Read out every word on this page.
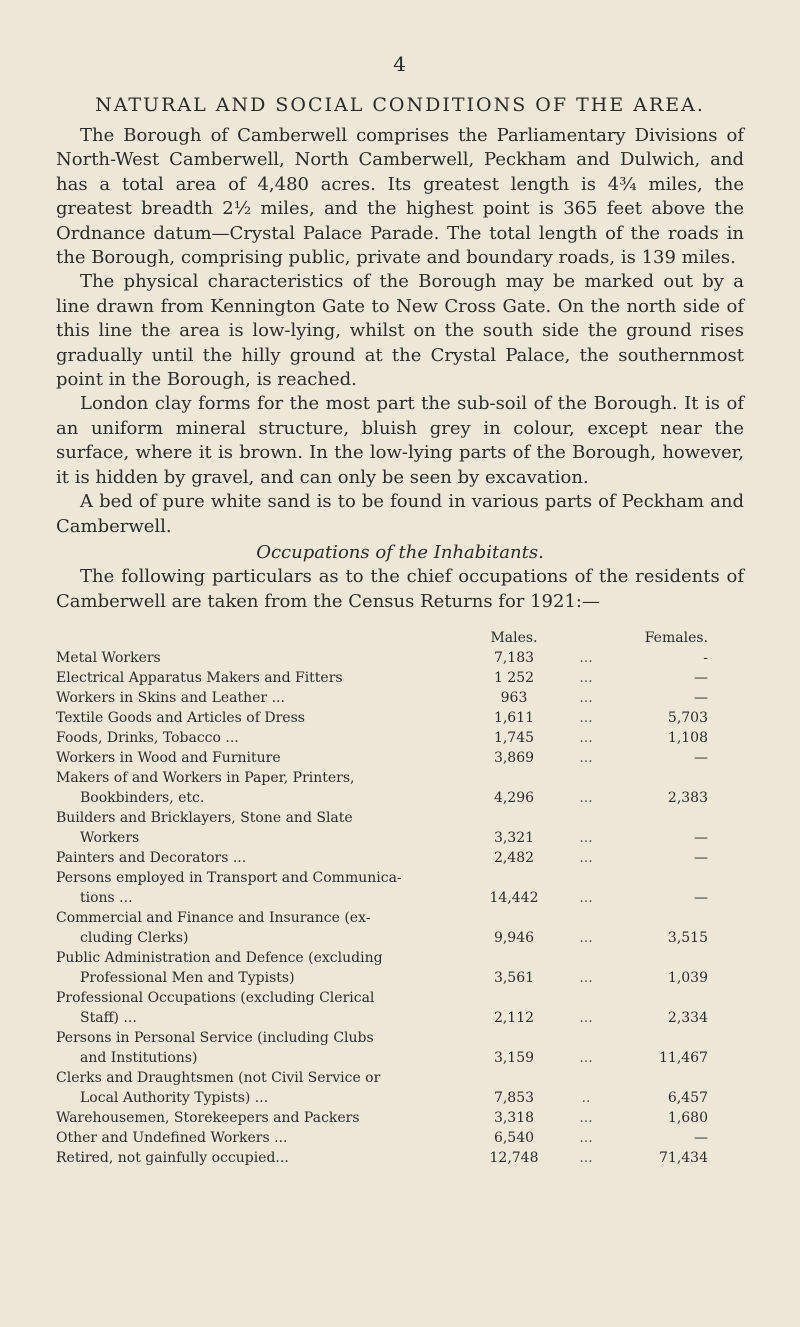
4
NATURAL AND SOCIAL CONDITIONS OF THE AREA.

The Borough of Camberwell comprises the Parliamentary Divisions of North-West Camberwell, North Camberwell, Peckham and Dulwich, and has a total area of 4,480 acres. Its greatest length is 4¾ miles, the greatest breadth 2½ miles, and the highest point is 365 feet above the Ordnance datum—Crystal Palace Parade. The total length of the roads in the Borough, comprising public, private and boundary roads, is 139 miles.

The physical characteristics of the Borough may be marked out by a line drawn from Kennington Gate to New Cross Gate. On the north side of this line the area is low-lying, whilst on the south side the ground rises gradually until the hilly ground at the Crystal Palace, the southernmost point in the Borough, is reached.

London clay forms for the most part the sub-soil of the Borough. It is of an uniform mineral structure, bluish grey in colour, except near the surface, where it is brown. In the low-lying parts of the Borough, however, it is hidden by gravel, and can only be seen by excavation.

A bed of pure white sand is to be found in various parts of Peckham and Camberwell.

Occupations of the Inhabitants.

The following particulars as to the chief occupations of the residents of Camberwell are taken from the Census Returns for 1921:—

	Males.		Females.

Metal Workers	7,183	...	-

Electrical Apparatus Makers and Fitters	1 252	...	—

Workers in Skins and Leather ...	963	...	—

Textile Goods and Articles of Dress	1,611	...	5,703

Foods, Drinks, Tobacco ...	1,745	...	1,108

Workers in Wood and Furniture	3,869	...	—

Makers of and Workers in Paper, Printers,
Bookbinders, etc.	4,296	...	2,383

Builders and Bricklayers, Stone and Slate
Workers	3,321	...	—

Painters and Decorators ...	2,482	...	—

Persons employed in Transport and Communica-
tions ...	14,442	...	—

Commercial and Finance and Insurance (ex-
cluding Clerks)	9,946	...	3,515

Public Administration and Defence (excluding
Professional Men and Typists)	3,561	...	1,039

Professional Occupations (excluding Clerical
Staff) ...	2,112	...	2,334

Persons in Personal Service (including Clubs
and Institutions)	3,159	...	11,467

Clerks and Draughtsmen (not Civil Service or
Local Authority Typists) ...	7,853	..	6,457

Warehousemen, Storekeepers and Packers	3,318	...	1,680

Other and Undefined Workers ...	6,540	...	—

Retired, not gainfully occupied...	12,748	...	71,434
